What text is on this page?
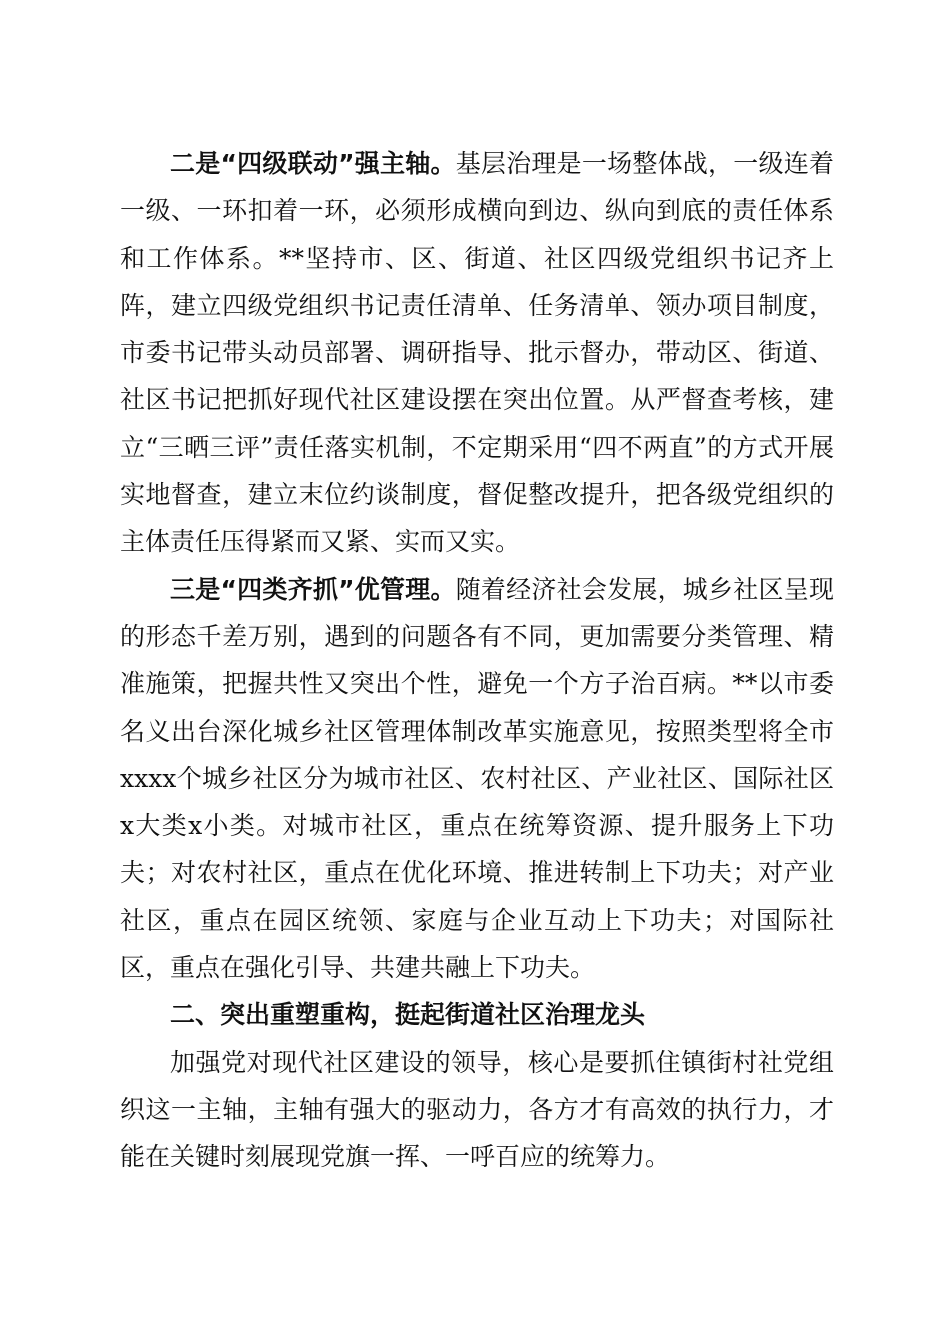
二是“四级联动”强主轴。基层治理是一场整体战，一级连着一级、一环扣着一环，必须形成横向到边、纵向到底的责任体系和工作体系。**坚持市、区、街道、社区四级党组织书记齐上阵，建立四级党组织书记责任清单、任务清单、领办项目制度，市委书记带头动员部署、调研指导、批示督办，带动区、街道、社区书记把抓好现代社区建设摆在突出位置。从严督查考核，建立“三晒三评”责任落实机制，不定期采用“四不两直”的方式开展实地督查，建立末位约谈制度，督促整改提升，把各级党组织的主体责任压得紧而又紧、实而又实。

三是“四类齐抓”优管理。随着经济社会发展，城乡社区呈现的形态千差万别，遇到的问题各有不同，更加需要分类管理、精准施策，把握共性又突出个性，避免一个方子治百病。**以市委名义出台深化城乡社区管理体制改革实施意见，按照类型将全市xxxx个城乡社区分为城市社区、农村社区、产业社区、国际社区x大类x小类。对城市社区，重点在统筹资源、提升服务上下功夫；对农村社区，重点在优化环境、推进转制上下功夫；对产业社区，重点在园区统领、家庭与企业互动上下功夫；对国际社区，重点在强化引导、共建共融上下功夫。

二、突出重塑重构，挺起街道社区治理龙头

加强党对现代社区建设的领导，核心是要抓住镇街村社党组织这一主轴，主轴有强大的驱动力，各方才有高效的执行力，才能在关键时刻展现党旗一挥、一呼百应的统筹力。
